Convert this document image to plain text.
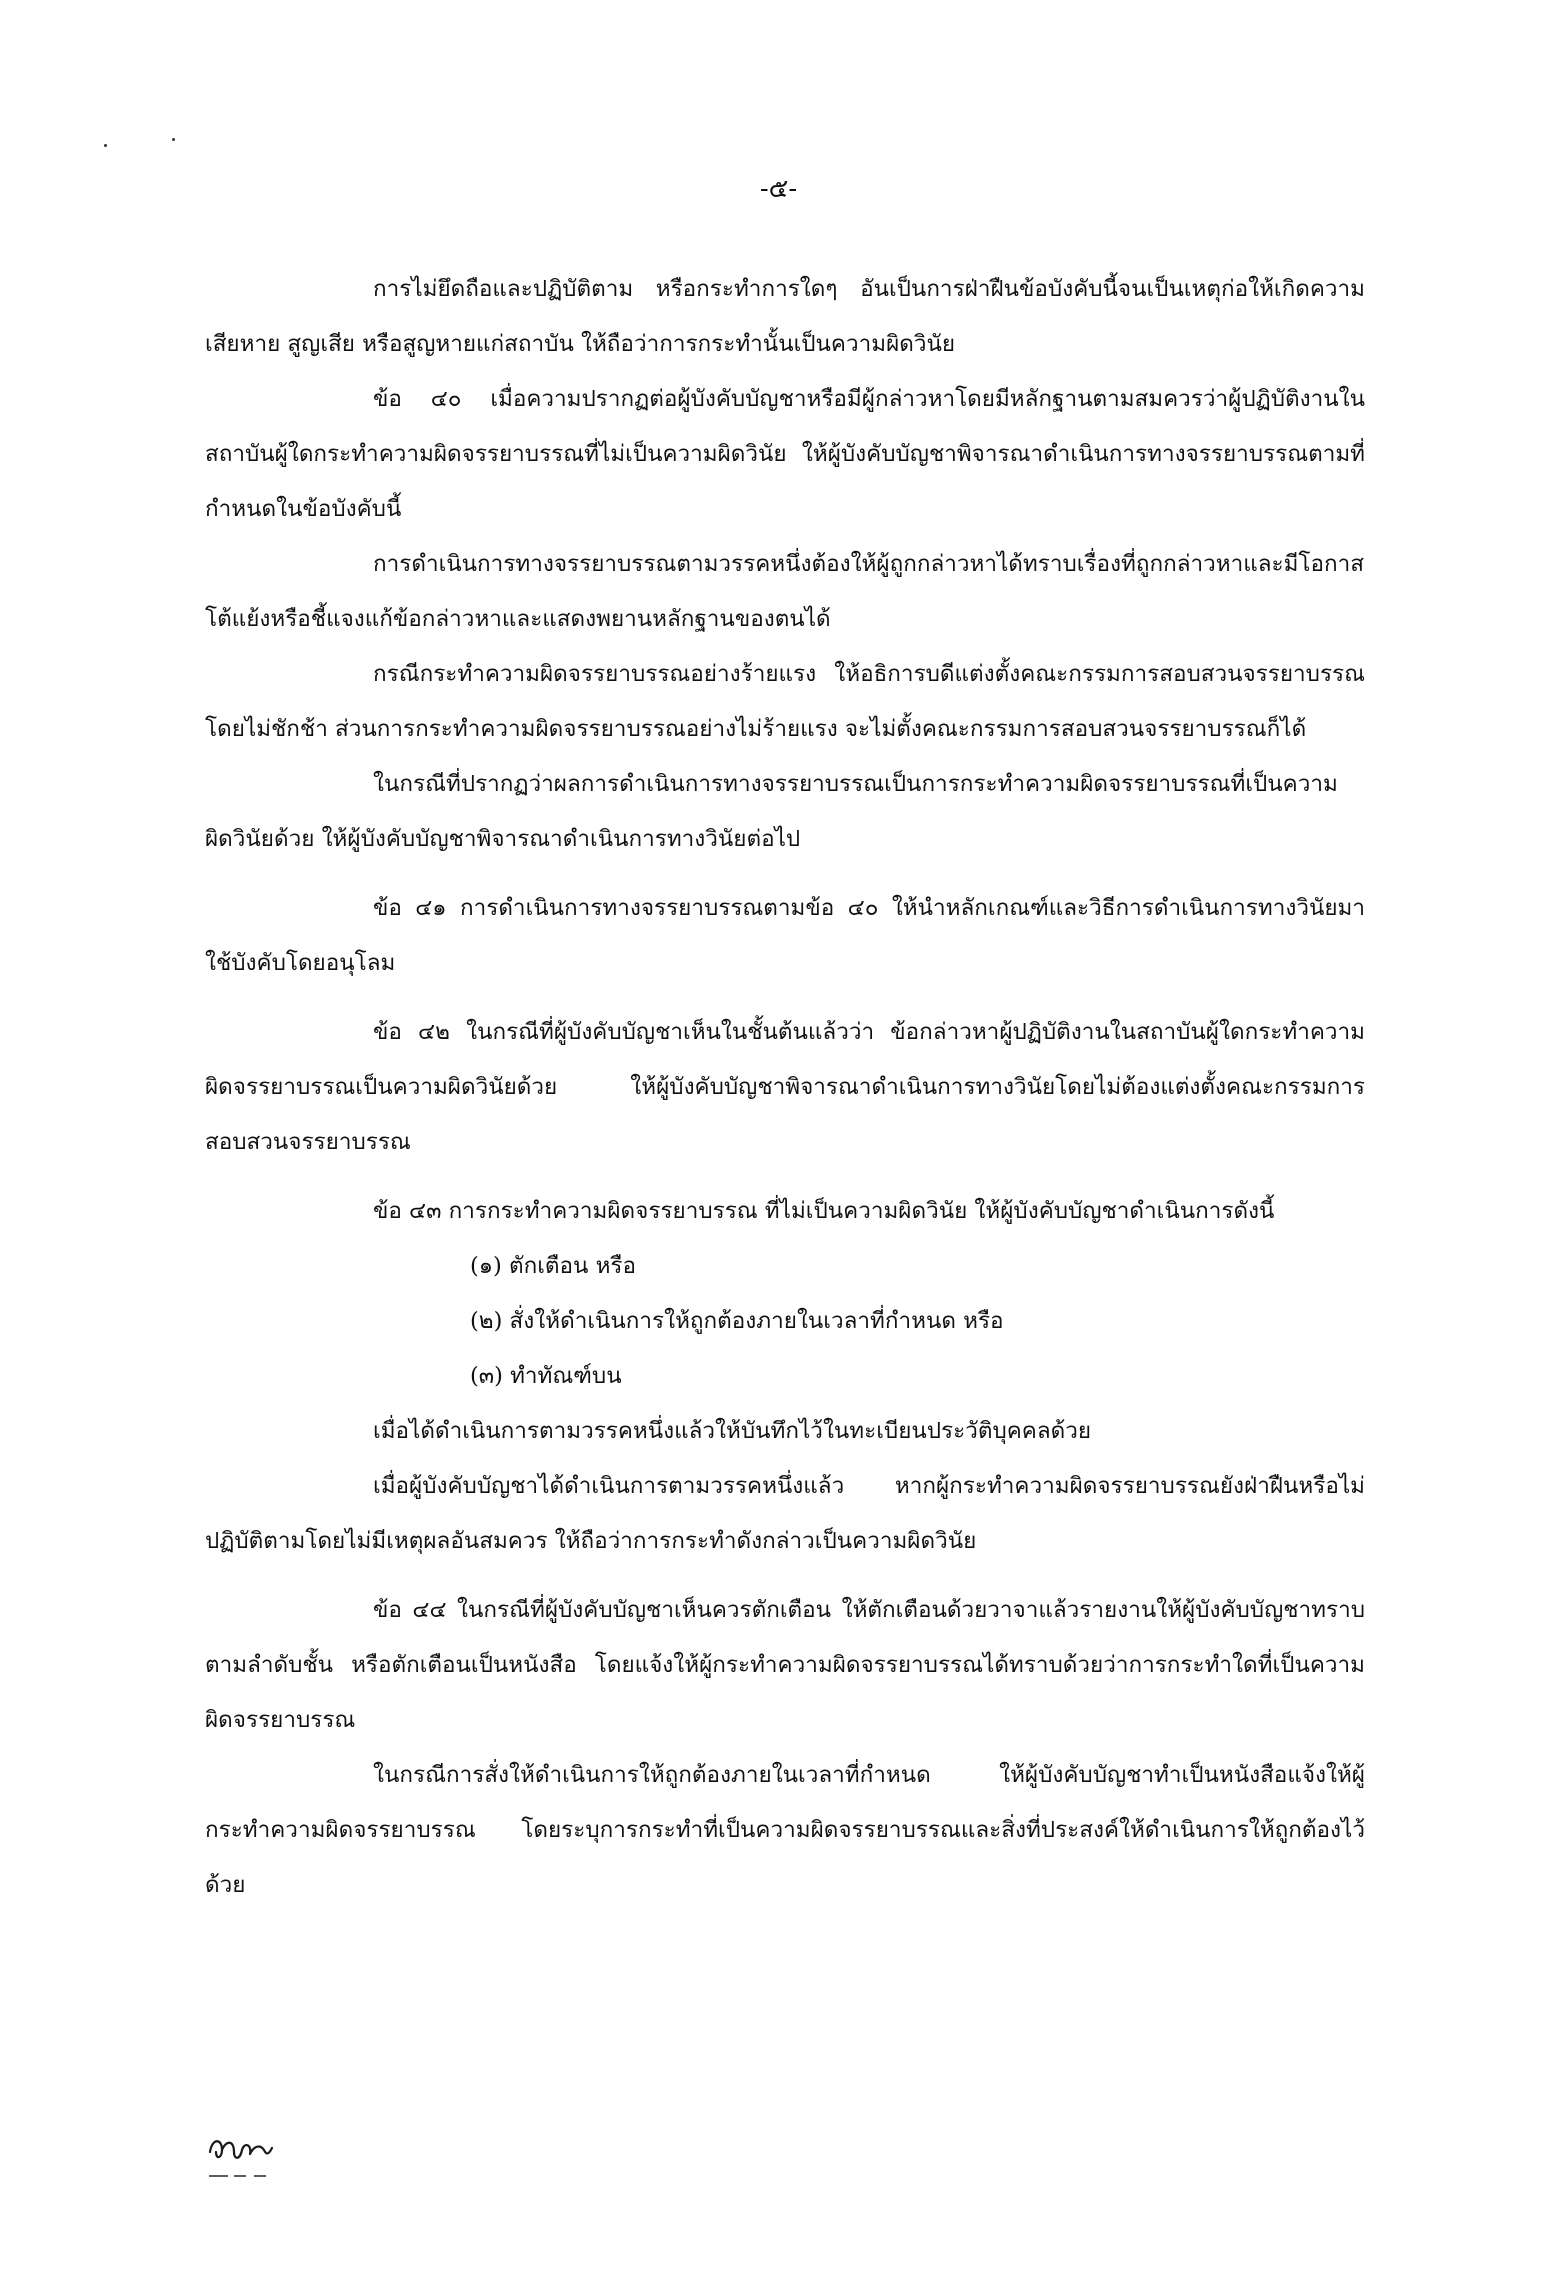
-๕-

การไม่ยึดถือและปฏิบัติตาม หรือกระทำการใดๆ อันเป็นการฝ่าฝืนข้อบังคับนี้จนเป็นเหตุก่อให้เกิดความเสียหาย สูญเสีย หรือสูญหายแก่สถาบัน ให้ถือว่าการกระทำนั้นเป็นความผิดวินัย

ข้อ ๔๐ เมื่อความปรากฏต่อผู้บังคับบัญชาหรือมีผู้กล่าวหาโดยมีหลักฐานตามสมควรว่าผู้ปฏิบัติงานในสถาบันผู้ใดกระทำความผิดจรรยาบรรณที่ไม่เป็นความผิดวินัย ให้ผู้บังคับบัญชาพิจารณาดำเนินการทางจรรยาบรรณตามที่กำหนดในข้อบังคับนี้

การดำเนินการทางจรรยาบรรณตามวรรคหนึ่งต้องให้ผู้ถูกกล่าวหาได้ทราบเรื่องที่ถูกกล่าวหาและมีโอกาสโต้แย้งหรือชี้แจงแก้ข้อกล่าวหาและแสดงพยานหลักฐานของตนได้

กรณีกระทำความผิดจรรยาบรรณอย่างร้ายแรง ให้อธิการบดีแต่งตั้งคณะกรรมการสอบสวนจรรยาบรรณโดยไม่ชักช้า ส่วนการกระทำความผิดจรรยาบรรณอย่างไม่ร้ายแรง จะไม่ตั้งคณะกรรมการสอบสวนจรรยาบรรณก็ได้

ในกรณีที่ปรากฏว่าผลการดำเนินการทางจรรยาบรรณเป็นการกระทำความผิดจรรยาบรรณที่เป็นความผิดวินัยด้วย ให้ผู้บังคับบัญชาพิจารณาดำเนินการทางวินัยต่อไป

ข้อ ๔๑ การดำเนินการทางจรรยาบรรณตามข้อ ๔๐ ให้นำหลักเกณฑ์และวิธีการดำเนินการทางวินัยมาใช้บังคับโดยอนุโลม

ข้อ ๔๒ ในกรณีที่ผู้บังคับบัญชาเห็นในชั้นต้นแล้วว่า ข้อกล่าวหาผู้ปฏิบัติงานในสถาบันผู้ใดกระทำความผิดจรรยาบรรณเป็นความผิดวินัยด้วย ให้ผู้บังคับบัญชาพิจารณาดำเนินการทางวินัยโดยไม่ต้องแต่งตั้งคณะกรรมการสอบสวนจรรยาบรรณ

ข้อ ๔๓ การกระทำความผิดจรรยาบรรณ ที่ไม่เป็นความผิดวินัย ให้ผู้บังคับบัญชาดำเนินการดังนี้

(๑) ตักเตือน หรือ
(๒) สั่งให้ดำเนินการให้ถูกต้องภายในเวลาที่กำหนด หรือ
(๓) ทำทัณฑ์บน

เมื่อได้ดำเนินการตามวรรคหนึ่งแล้วให้บันทึกไว้ในทะเบียนประวัติบุคคลด้วย

เมื่อผู้บังคับบัญชาได้ดำเนินการตามวรรคหนึ่งแล้ว หากผู้กระทำความผิดจรรยาบรรณยังฝ่าฝืนหรือไม่ปฏิบัติตามโดยไม่มีเหตุผลอันสมควร ให้ถือว่าการกระทำดังกล่าวเป็นความผิดวินัย

ข้อ ๔๔ ในกรณีที่ผู้บังคับบัญชาเห็นควรตักเตือน ให้ตักเตือนด้วยวาจาแล้วรายงานให้ผู้บังคับบัญชาทราบตามลำดับชั้น หรือตักเตือนเป็นหนังสือ โดยแจ้งให้ผู้กระทำความผิดจรรยาบรรณได้ทราบด้วยว่าการกระทำใดที่เป็นความผิดจรรยาบรรณ

ในกรณีการสั่งให้ดำเนินการให้ถูกต้องภายในเวลาที่กำหนด ให้ผู้บังคับบัญชาทำเป็นหนังสือแจ้งให้ผู้กระทำความผิดจรรยาบรรณ โดยระบุการกระทำที่เป็นความผิดจรรยาบรรณและสิ่งที่ประสงค์ให้ดำเนินการให้ถูกต้องไว้ด้วย
